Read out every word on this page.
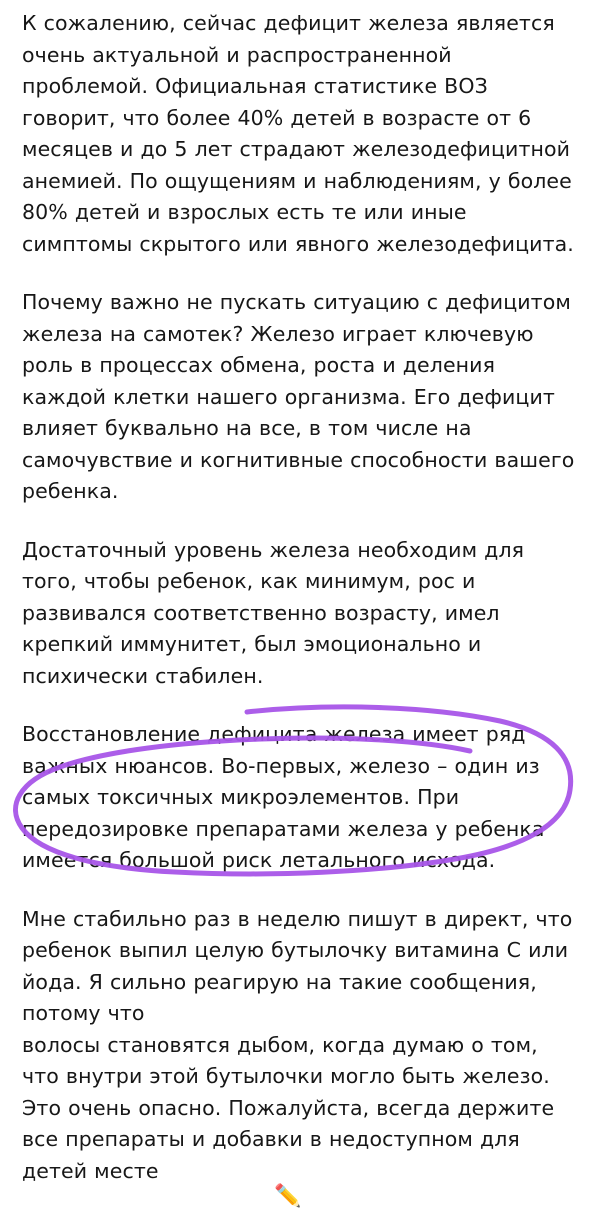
К сожалению, сейчас дефицит железа является очень актуальной и распространенной проблемой. Официальная статистике ВОЗ говорит, что более 40% детей в возрасте от 6 месяцев и до 5 лет страдают железодефицитной анемией. По ощущениям и наблюдениям, у более 80% детей и взрослых есть те или иные симптомы скрытого или явного железодефицита.

Почему важно не пускать ситуацию с дефицитом железа на самотек? Железо играет ключевую роль в процессах обмена, роста и деления каждой клетки нашего организма. Его дефицит влияет буквально на все, в том числе на самочувствие и когнитивные способности вашего ребенка.

Достаточный уровень железа необходим для того, чтобы ребенок, как минимум, рос и развивался соответственно возрасту, имел крепкий иммунитет, был эмоционально и психически стабилен.

Восстановление дефицита железа имеет ряд важных нюансов. Во-первых, железо – один из самых токсичных микроэлементов. При передозировке препаратами железа у ребенка имеется большой риск летального исхода.

Мне стабильно раз в неделю пишут в директ, что ребенок выпил целую бутылочку витамина С или йода. Я сильно реагирую на такие сообщения, потому что

волосы становятся дыбом, когда думаю о том, что внутри этой бутылочки могло быть железо. Это очень опасно. Пожалуйста, всегда держите все препараты и добавки в недоступном для детей месте

✏️
